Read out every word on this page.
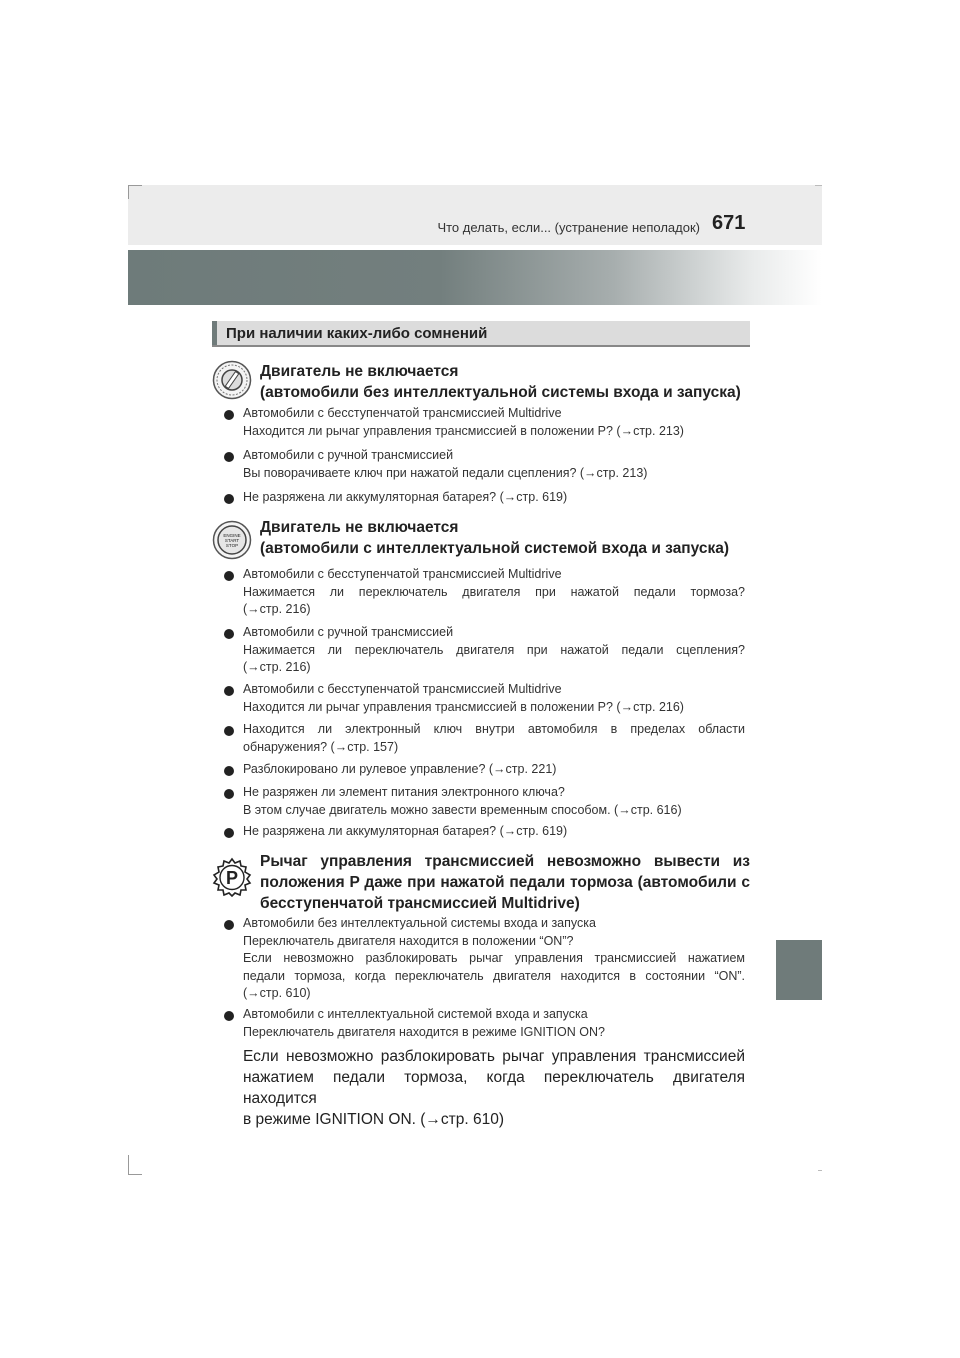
Что делать, если... (устранение неполадок) 671
При наличии каких-либо сомнений
Двигатель не включается
(автомобили без интеллектуальной системы входа и запуска)
Автомобили с бесступенчатой трансмиссией Multidrive
Находится ли рычаг управления трансмиссией в положении P? (→стр. 213)
Автомобили с ручной трансмиссией
Вы поворачиваете ключ при нажатой педали сцепления? (→стр. 213)
Не разряжена ли аккумуляторная батарея? (→стр. 619)
ENGINE
START
STOP
Двигатель не включается
(автомобили с интеллектуальной системой входа и запуска)
Автомобили с бесступенчатой трансмиссией Multidrive
Нажимается ли переключатель двигателя при нажатой педали тормоза?
(→стр. 216)
Автомобили с ручной трансмиссией
Нажимается ли переключатель двигателя при нажатой педали сцепления?
(→стр. 216)
Автомобили с бесступенчатой трансмиссией Multidrive
Находится ли рычаг управления трансмиссией в положении P? (→стр. 216)
Находится ли электронный ключ внутри автомобиля в пределах области
обнаружения? (→стр. 157)
Разблокировано ли рулевое управление? (→стр. 221)
Не разряжен ли элемент питания электронного ключа?
В этом случае двигатель можно завести временным способом. (→стр. 616)
Не разряжена ли аккумуляторная батарея? (→стр. 619)
P
Рычаг управления трансмиссией невозможно вывести из
положения P даже при нажатой педали тормоза (автомобили с
бесступенчатой трансмиссией Multidrive)
Автомобили без интеллектуальной системы входа и запуска
Переключатель двигателя находится в положении “ON”?
Если невозможно разблокировать рычаг управления трансмиссией нажатием
педали тормоза, когда переключатель двигателя находится в состоянии “ON”.
(→стр. 610)
Автомобили с интеллектуальной системой входа и запуска
Переключатель двигателя находится в режиме IGNITION ON?
Если невозможно разблокировать рычаг управления трансмиссией
нажатием педали тормоза, когда переключатель двигателя находится
в режиме IGNITION ON. (→стр. 610)
